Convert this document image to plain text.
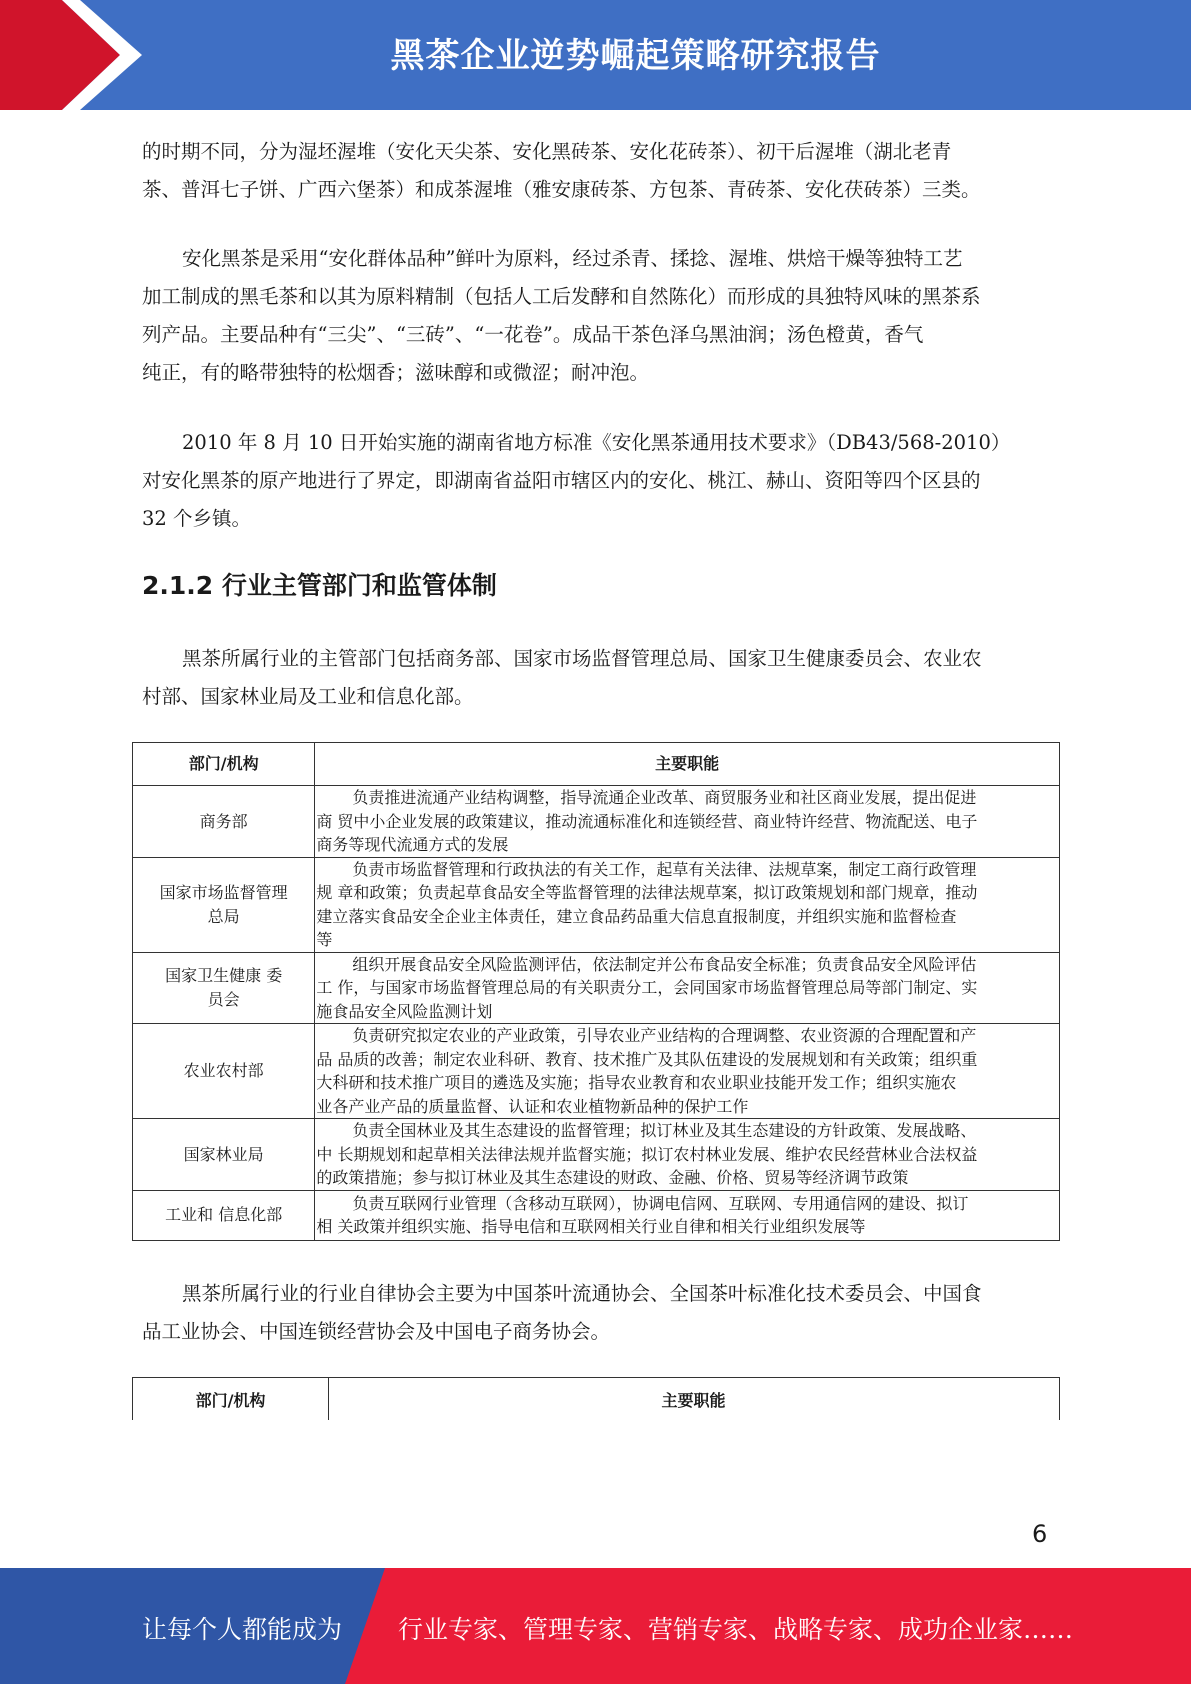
黑茶企业逆势崛起策略研究报告

的时期不同，分为湿坯渥堆（安化天尖茶、安化黑砖茶、安化花砖茶）、初干后渥堆（湖北老青
茶、普洱七子饼、广西六堡茶）和成茶渥堆（雅安康砖茶、方包茶、青砖茶、安化茯砖茶）三类。

安化黑茶是采用“安化群体品种”鲜叶为原料，经过杀青、揉捻、渥堆、烘焙干燥等独特工艺
加工制成的黑毛茶和以其为原料精制（包括人工后发酵和自然陈化）而形成的具独特风味的黑茶系
列产品。主要品种有“三尖”、“三砖”、“一花卷”。成品干茶色泽乌黑油润；汤色橙黄，香气
纯正，有的略带独特的松烟香；滋味醇和或微涩；耐冲泡。

2010 年 8 月 10 日开始实施的湖南省地方标准《安化黑茶通用技术要求》（DB43/568-2010）
对安化黑茶的原产地进行了界定，即湖南省益阳市辖区内的安化、桃江、赫山、资阳等四个区县的
32 个乡镇。

2.1.2 行业主管部门和监管体制

黑茶所属行业的主管部门包括商务部、国家市场监督管理总局、国家卫生健康委员会、农业农
村部、国家林业局及工业和信息化部。

部门/机构	主要职能
商务部	负责推进流通产业结构调整，指导流通企业改革、商贸服务业和社区商业发展，提出促进
商 贸中小企业发展的政策建议，推动流通标准化和连锁经营、商业特许经营、物流配送、电子
商务等现代流通方式的发展

国家市场监督管理
总局	负责市场监督管理和行政执法的有关工作，起草有关法律、法规草案，制定工商行政管理
规 章和政策；负责起草食品安全等监督管理的法律法规草案，拟订政策规划和部门规章，推动
建立落实食品安全企业主体责任，建立食品药品重大信息直报制度，并组织实施和监督检查
等

国家卫生健康 委
员会	组织开展食品安全风险监测评估，依法制定并公布食品安全标准；负责食品安全风险评估
工 作，与国家市场监督管理总局的有关职责分工，会同国家市场监督管理总局等部门制定、实
施食品安全风险监测计划

农业农村部	负责研究拟定农业的产业政策，引导农业产业结构的合理调整、农业资源的合理配置和产
品 品质的改善；制定农业科研、教育、技术推广及其队伍建设的发展规划和有关政策；组织重
大科研和技术推广项目的遴选及实施；指导农业教育和农业职业技能开发工作；组织实施农
业各产业产品的质量监督、认证和农业植物新品种的保护工作

国家林业局	负责全国林业及其生态建设的监督管理；拟订林业及其生态建设的方针政策、发展战略、
中 长期规划和起草相关法律法规并监督实施；拟订农村林业发展、维护农民经营林业合法权益
的政策措施；参与拟订林业及其生态建设的财政、金融、价格、贸易等经济调节政策

工业和 信息化部	负责互联网行业管理（含移动互联网），协调电信网、互联网、专用通信网的建设、拟订
相 关政策并组织实施、指导电信和互联网相关行业自律和相关行业组织发展等

黑茶所属行业的行业自律协会主要为中国茶叶流通协会、全国茶叶标准化技术委员会、中国食
品工业协会、中国连锁经营协会及中国电子商务协会。

部门/机构	主要职能
6
让每个人都能成为 行业专家、管理专家、营销专家、战略专家、成功企业家……
